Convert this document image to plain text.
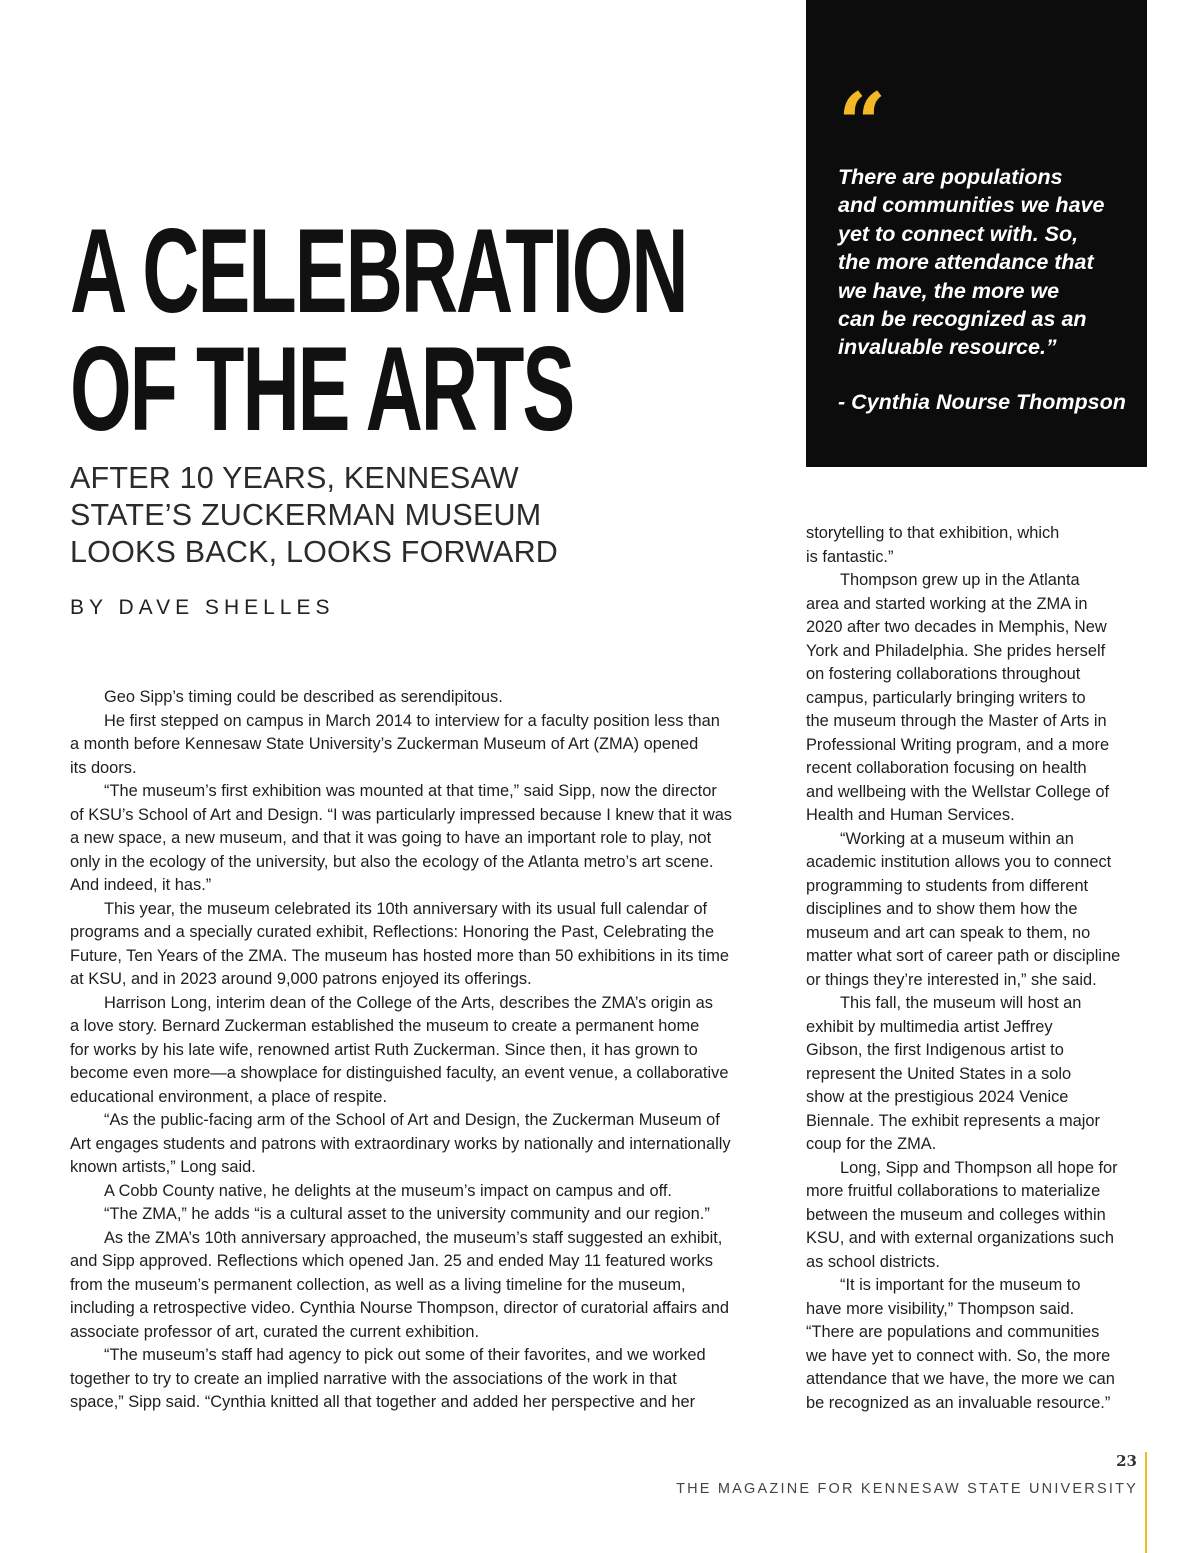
A CELEBRATION
OF THE ARTS
AFTER 10 YEARS, KENNESAW
STATE’S ZUCKERMAN MUSEUM
LOOKS BACK, LOOKS FORWARD
BY DAVE SHELLES
“
There are populations
and communities we have
yet to connect with. So,
the more attendance that
we have, the more we
can be recognized as an
invaluable resource.”
- Cynthia Nourse Thompson

Geo Sipp’s timing could be described as serendipitous.

He first stepped on campus in March 2014 to interview for a faculty position less than
a month before Kennesaw State University’s Zuckerman Museum of Art (ZMA) opened
its doors.

“The museum’s first exhibition was mounted at that time,” said Sipp, now the director
of KSU’s School of Art and Design. “I was particularly impressed because I knew that it was
a new space, a new museum, and that it was going to have an important role to play, not
only in the ecology of the university, but also the ecology of the Atlanta metro’s art scene.
And indeed, it has.”

This year, the museum celebrated its 10th anniversary with its usual full calendar of
programs and a specially curated exhibit, Reflections: Honoring the Past, Celebrating the
Future, Ten Years of the ZMA. The museum has hosted more than 50 exhibitions in its time
at KSU, and in 2023 around 9,000 patrons enjoyed its offerings.

Harrison Long, interim dean of the College of the Arts, describes the ZMA’s origin as
a love story. Bernard Zuckerman established the museum to create a permanent home
for works by his late wife, renowned artist Ruth Zuckerman. Since then, it has grown to
become even more—a showplace for distinguished faculty, an event venue, a collaborative
educational environment, a place of respite.

“As the public-facing arm of the School of Art and Design, the Zuckerman Museum of
Art engages students and patrons with extraordinary works by nationally and internationally
known artists,” Long said.

A Cobb County native, he delights at the museum’s impact on campus and off.

“The ZMA,” he adds “is a cultural asset to the university community and our region.”

As the ZMA’s 10th anniversary approached, the museum’s staff suggested an exhibit,
and Sipp approved. Reflections which opened Jan. 25 and ended May 11 featured works
from the museum’s permanent collection, as well as a living timeline for the museum,
including a retrospective video. Cynthia Nourse Thompson, director of curatorial affairs and
associate professor of art, curated the current exhibition.

“The museum’s staff had agency to pick out some of their favorites, and we worked
together to try to create an implied narrative with the associations of the work in that
space,” Sipp said. “Cynthia knitted all that together and added her perspective and her

storytelling to that exhibition, which
is fantastic.”

Thompson grew up in the Atlanta
area and started working at the ZMA in
2020 after two decades in Memphis, New
York and Philadelphia. She prides herself
on fostering collaborations throughout
campus, particularly bringing writers to
the museum through the Master of Arts in
Professional Writing program, and a more
recent collaboration focusing on health
and wellbeing with the Wellstar College of
Health and Human Services.

“Working at a museum within an
academic institution allows you to connect
programming to students from different
disciplines and to show them how the
museum and art can speak to them, no
matter what sort of career path or discipline
or things they’re interested in,” she said.

This fall, the museum will host an
exhibit by multimedia artist Jeffrey
Gibson, the first Indigenous artist to
represent the United States in a solo
show at the prestigious 2024 Venice
Biennale. The exhibit represents a major
coup for the ZMA.

Long, Sipp and Thompson all hope for
more fruitful collaborations to materialize
between the museum and colleges within
KSU, and with external organizations such
as school districts.

“It is important for the museum to
have more visibility,” Thompson said.
“There are populations and communities
we have yet to connect with. So, the more
attendance that we have, the more we can
be recognized as an invaluable resource.”

23
THE MAGAZINE FOR KENNESAW STATE UNIVERSITY
